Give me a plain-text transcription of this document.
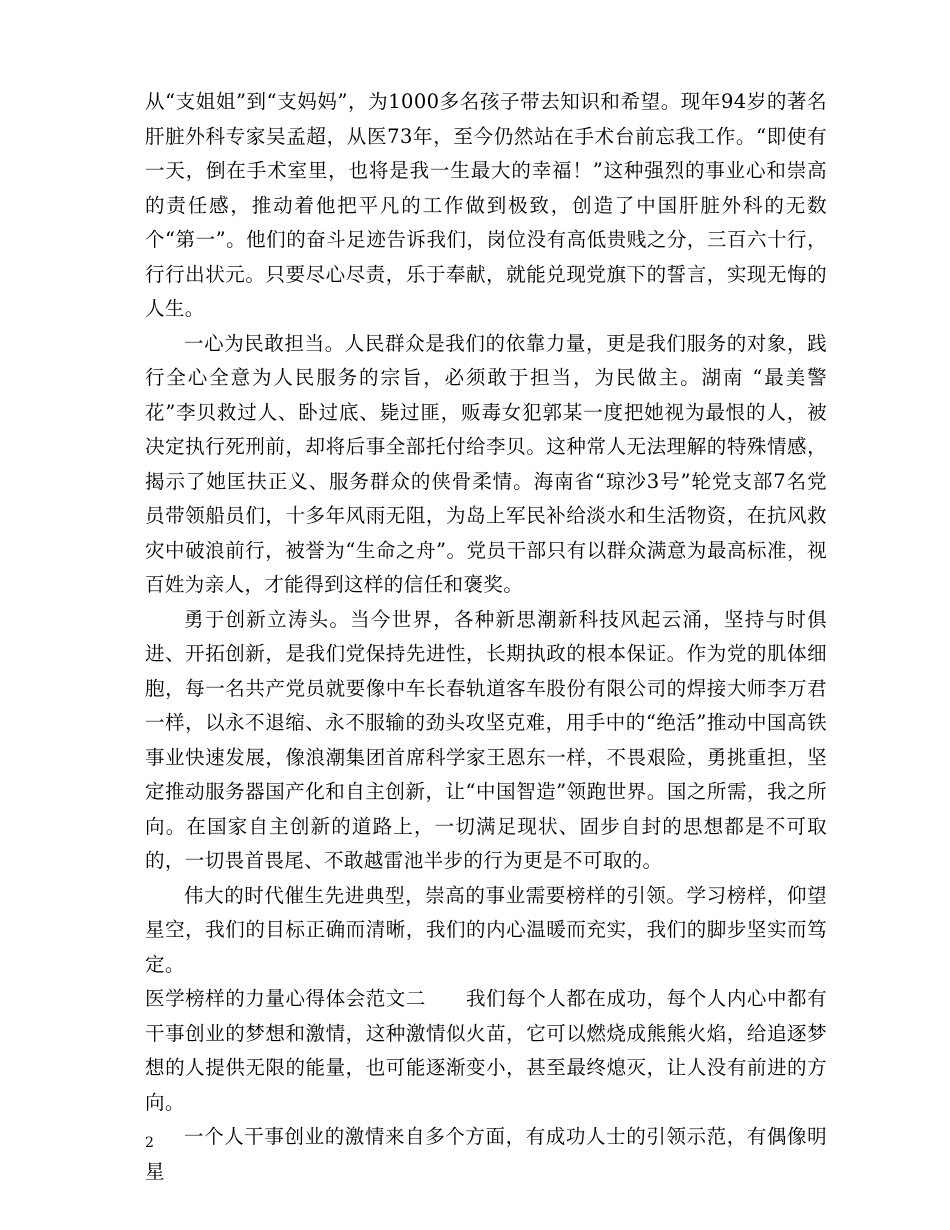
从“支姐姐”到“支妈妈”，为1000多名孩子带去知识和希望。现年94岁的著名肝脏外科专家吴孟超，从医73年，至今仍然站在手术台前忘我工作。“即使有一天，倒在手术室里，也将是我一生最大的幸福！”这种强烈的事业心和崇高的责任感，推动着他把平凡的工作做到极致，创造了中国肝脏外科的无数个“第一”。他们的奋斗足迹告诉我们，岗位没有高低贵贱之分，三百六十行，行行出状元。只要尽心尽责，乐于奉献，就能兑现党旗下的誓言，实现无悔的人生。

一心为民敢担当。人民群众是我们的依靠力量，更是我们服务的对象，践行全心全意为人民服务的宗旨，必须敢于担当，为民做主。湖南 “最美警花”李贝救过人、卧过底、毙过匪，贩毒女犯郭某一度把她视为最恨的人，被决定执行死刑前，却将后事全部托付给李贝。这种常人无法理解的特殊情感，揭示了她匡扶正义、服务群众的侠骨柔情。海南省“琼沙3号”轮党支部7名党员带领船员们，十多年风雨无阻，为岛上军民补给淡水和生活物资，在抗风救灾中破浪前行，被誉为“生命之舟”。党员干部只有以群众满意为最高标准，视百姓为亲人，才能得到这样的信任和褒奖。

勇于创新立涛头。当今世界，各种新思潮新科技风起云涌，坚持与时俱进、开拓创新，是我们党保持先进性，长期执政的根本保证。作为党的肌体细胞，每一名共产党员就要像中车长春轨道客车股份有限公司的焊接大师李万君一样，以永不退缩、永不服输的劲头攻坚克难，用手中的“绝活”推动中国高铁事业快速发展，像浪潮集团首席科学家王恩东一样，不畏艰险，勇挑重担，坚定推动服务器国产化和自主创新，让“中国智造”领跑世界。国之所需，我之所向。在国家自主创新的道路上，一切满足现状、固步自封的思想都是不可取的，一切畏首畏尾、不敢越雷池半步的行为更是不可取的。

伟大的时代催生先进典型，崇高的事业需要榜样的引领。学习榜样，仰望星空，我们的目标正确而清晰，我们的内心温暖而充实，我们的脚步坚实而笃定。

医学榜样的力量心得体会范文二　　我们每个人都在成功，每个人内心中都有干事创业的梦想和激情，这种激情似火苗，它可以燃烧成熊熊火焰，给追逐梦想的人提供无限的能量，也可能逐渐变小，甚至最终熄灭，让人没有前进的方向。

一个人干事创业的激情来自多个方面，有成功人士的引领示范，有偶像明星

2
